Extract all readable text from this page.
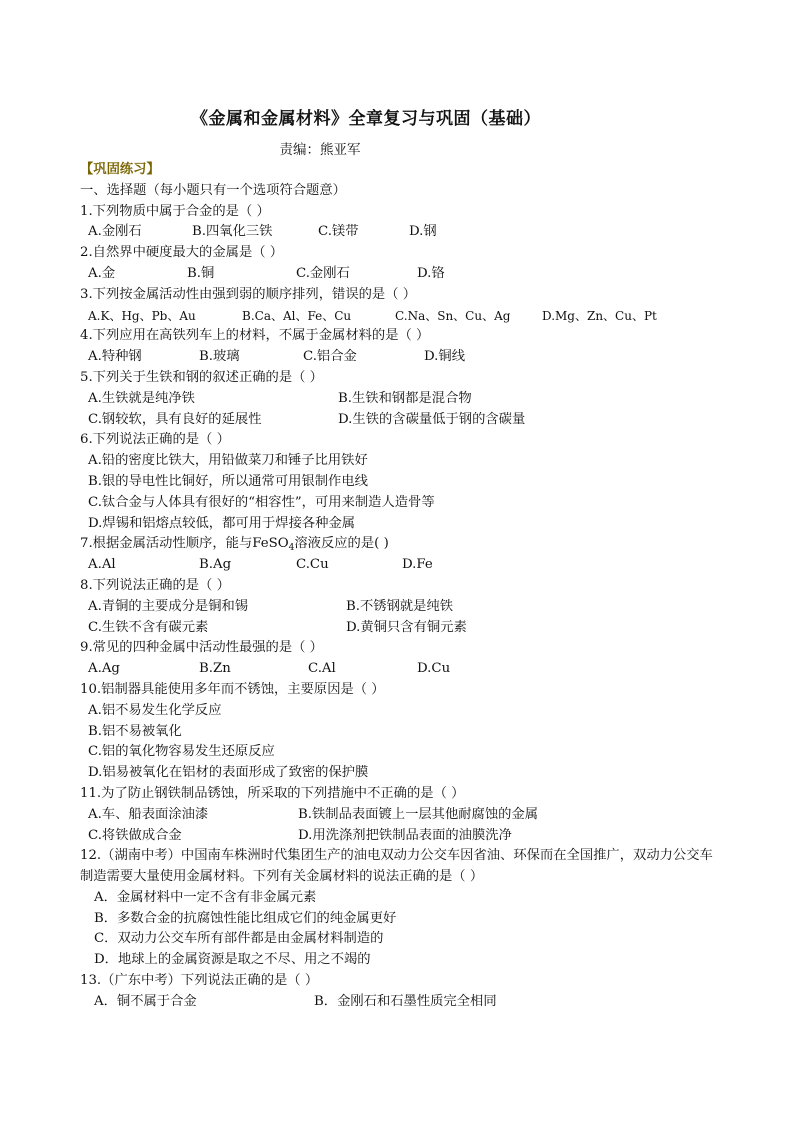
《金属和金属材料》全章复习与巩固（基础）
责编：熊亚军
【巩固练习】
一、选择题（每小题只有一个选项符合题意）
1.下列物质中属于合金的是（ ）
A.金刚石	B.四氧化三铁	C.镁带	D.钢
2.自然界中硬度最大的金属是（ ）
A.金	B.铜	C.金刚石	D.铬
3.下列按金属活动性由强到弱的顺序排列，错误的是（ ）
A.K、Hg、Pb、Au	B.Ca、Al、Fe、Cu	C.Na、Sn、Cu、Ag	D.Mg、Zn、Cu、Pt
4.下列应用在高铁列车上的材料，不属于金属材料的是（ ）
A.特种钢	B.玻璃	C.铝合金	D.铜线
5.下列关于生铁和钢的叙述正确的是（ ）
A.生铁就是纯净铁	B.生铁和钢都是混合物
C.钢较软，具有良好的延展性	D.生铁的含碳量低于钢的含碳量
6.下列说法正确的是（ ）
A.铅的密度比铁大，用铅做菜刀和锤子比用铁好
B.银的导电性比铜好，所以通常可用银制作电线
C.钛合金与人体具有很好的“相容性”，可用来制造人造骨等
D.焊锡和铝熔点较低，都可用于焊接各种金属
7.根据金属活动性顺序，能与FeSO$_4$溶液反应的是( )
A.Al	B.Ag	C.Cu	D.Fe
8.下列说法正确的是（ ）
A.青铜的主要成分是铜和锡	B.不锈钢就是纯铁
C.生铁不含有碳元素	D.黄铜只含有铜元素
9.常见的四种金属中活动性最强的是（ ）
A.Ag	B.Zn	C.Al	D.Cu
10.铝制器具能使用多年而不锈蚀，主要原因是（ ）
A.铝不易发生化学反应
B.铝不易被氧化
C.铝的氧化物容易发生还原反应
D.铝易被氧化在铝材的表面形成了致密的保护膜
11.为了防止钢铁制品锈蚀，所采取的下列措施中不正确的是（ ）
A.车、船表面涂油漆	B.铁制品表面镀上一层其他耐腐蚀的金属
C.将铁做成合金	D.用洗涤剂把铁制品表面的油膜洗净
12.（湖南中考）中国南车株洲时代集团生产的油电双动力公交车因省油、环保而在全国推广，双动力公交车制造需要大量使用金属材料。下列有关金属材料的说法正确的是（ ）
A．金属材料中一定不含有非金属元素
B．多数合金的抗腐蚀性能比组成它们的纯金属更好
C．双动力公交车所有部件都是由金属材料制造的
D．地球上的金属资源是取之不尽、用之不竭的
13.（广东中考）下列说法正确的是（ ）
A．铜不属于合金	B．金刚石和石墨性质完全相同
